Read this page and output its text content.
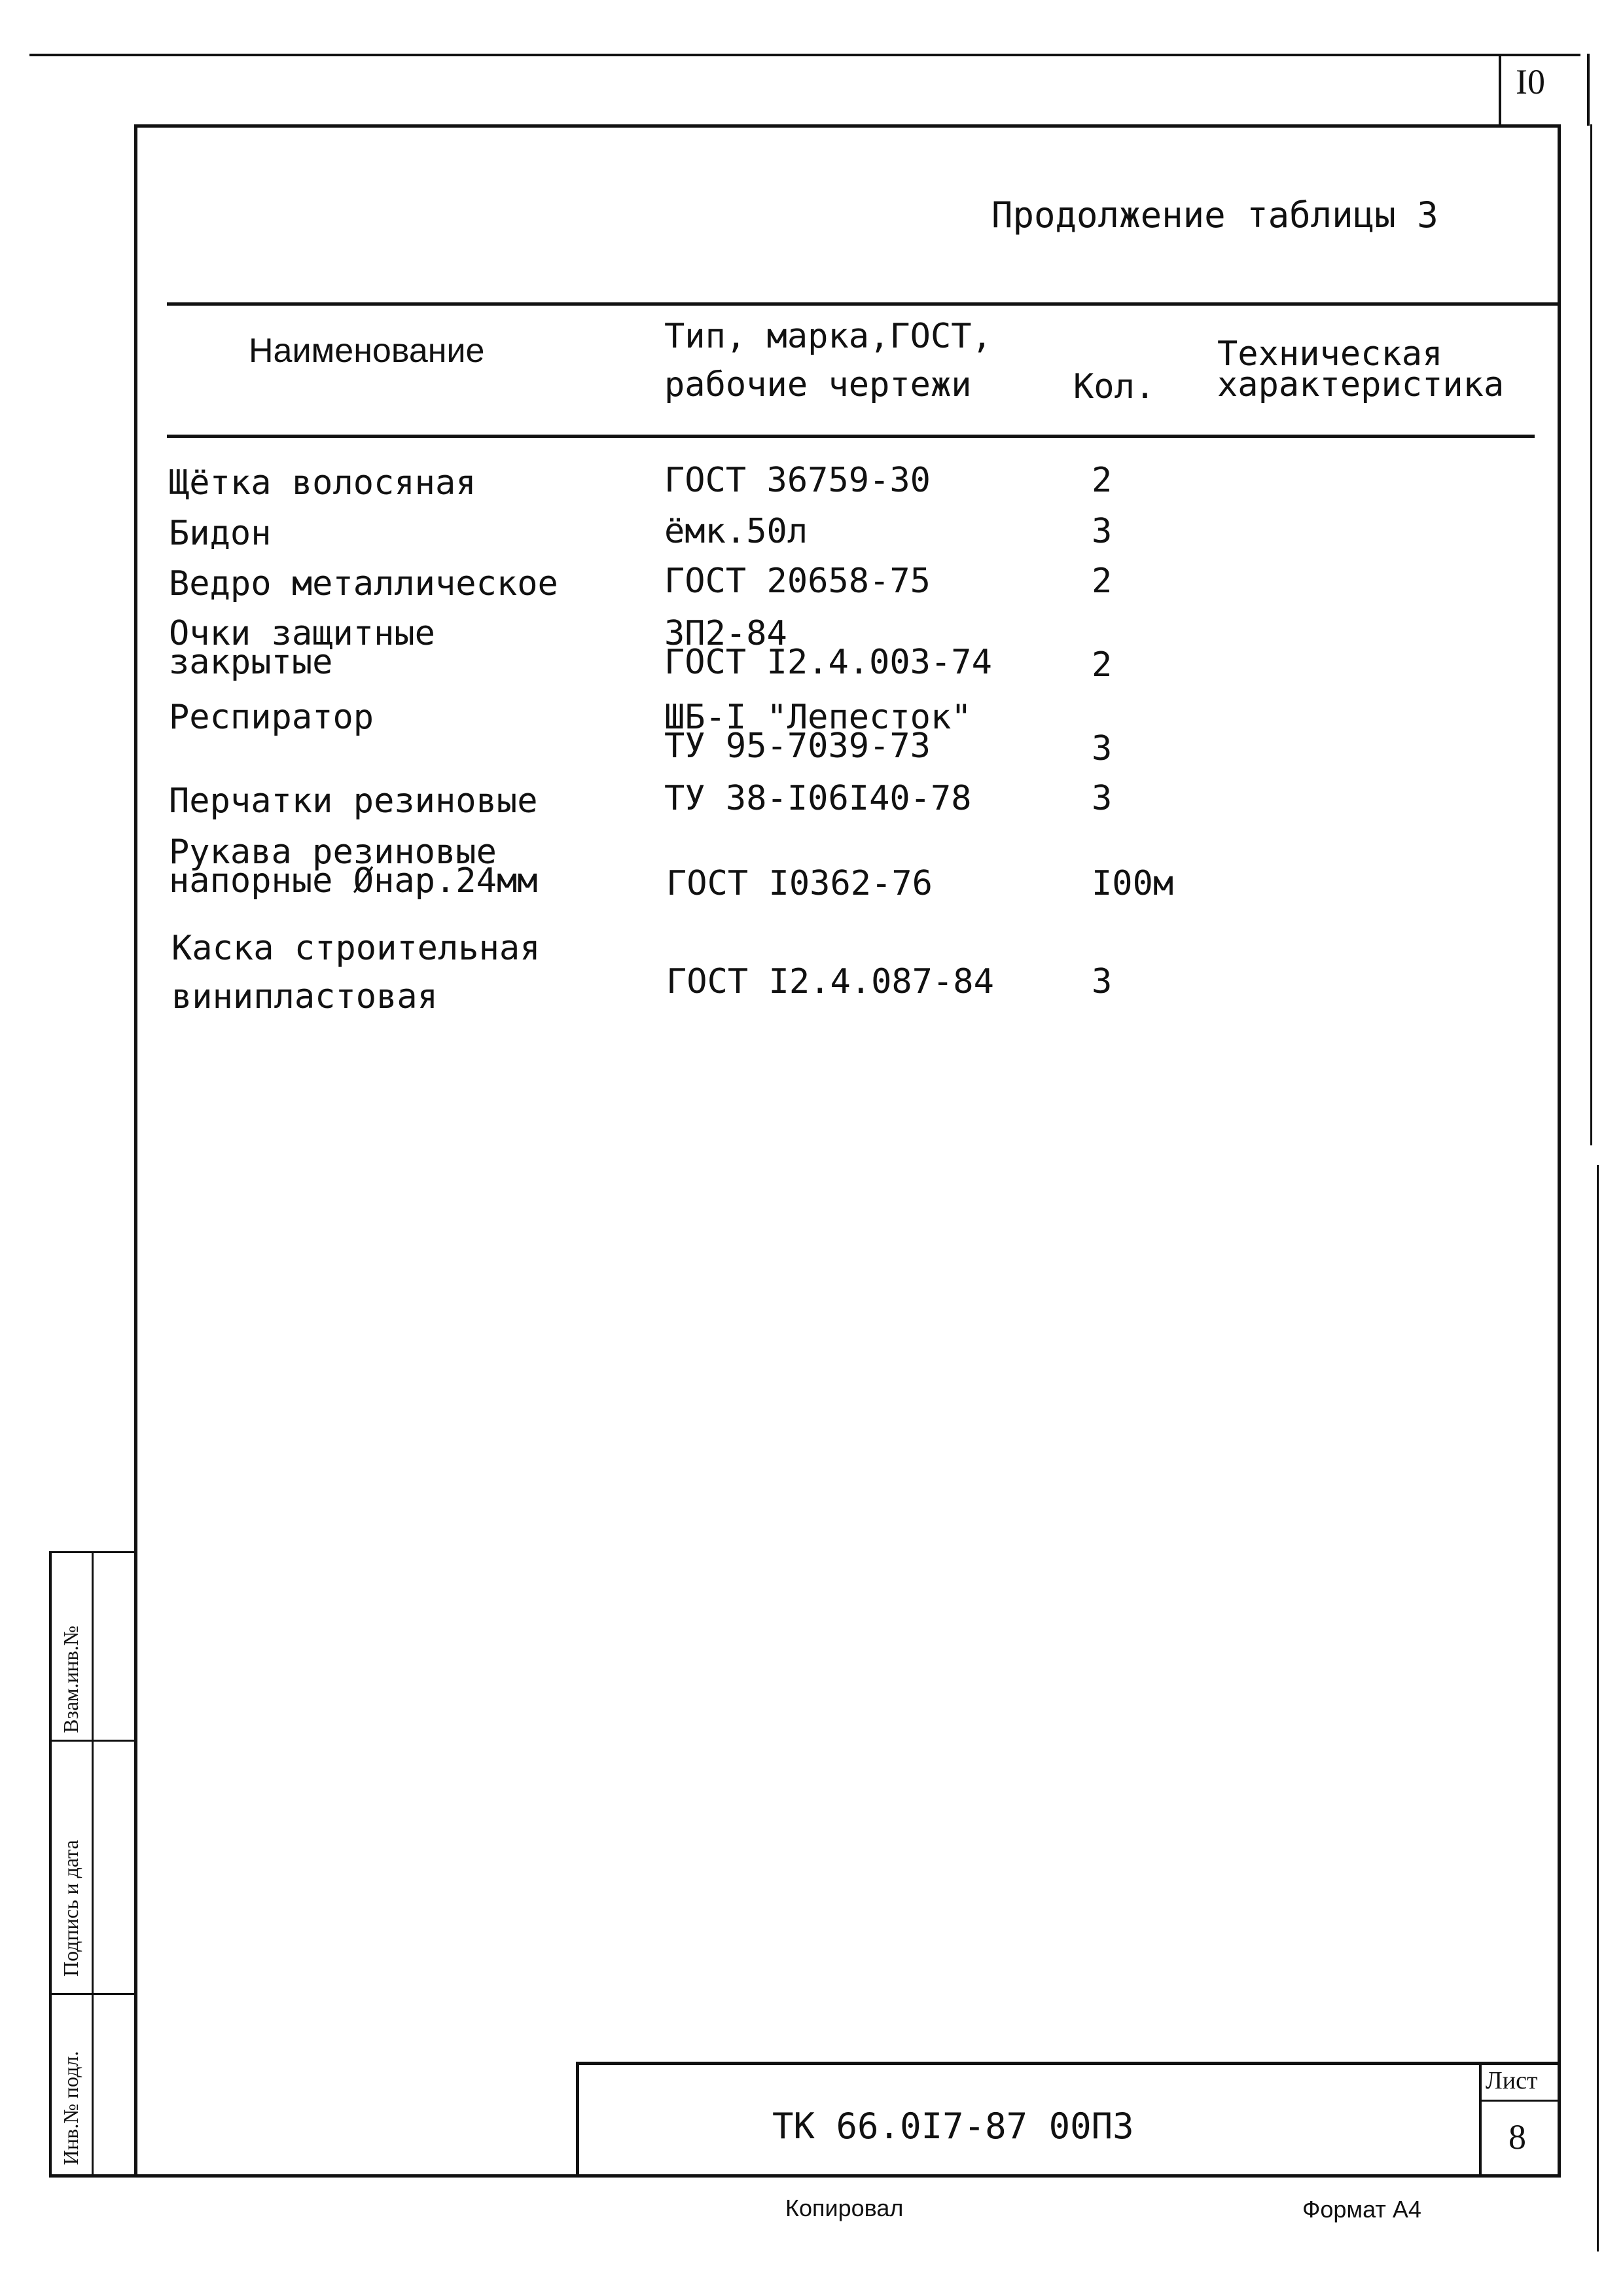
I0
Продолжение таблицы 3
Наименование	Тип, марка,ГОСТ,
рабочие чертежи	Кол.
Техническая
характеристика
Щётка волосяная	ГОСТ 36759-30	2
Бидон	ёмк.50л	3
Ведро металлическое	ГОСТ 20658-75	2
Очки защитные
закрытые
ЗП2-84
ГОСТ I2.4.003-74	2
Респиратор	ШБ-I "Лепесток"
ТУ 95-7039-73	3
Перчатки резиновые	ТУ 38-I06I40-78	3
Рукава резиновые
напорные Øнар.24мм	ГОСТ I0362-76	I00м
Каска строительная
винипластовая	ГОСТ I2.4.087-84	3
Взам.инв.№
Подпись и дата
Инв.№ подл.	ТК 66.0I7-87 00ПЗ
Лист
8
Копировал	Формат А4
